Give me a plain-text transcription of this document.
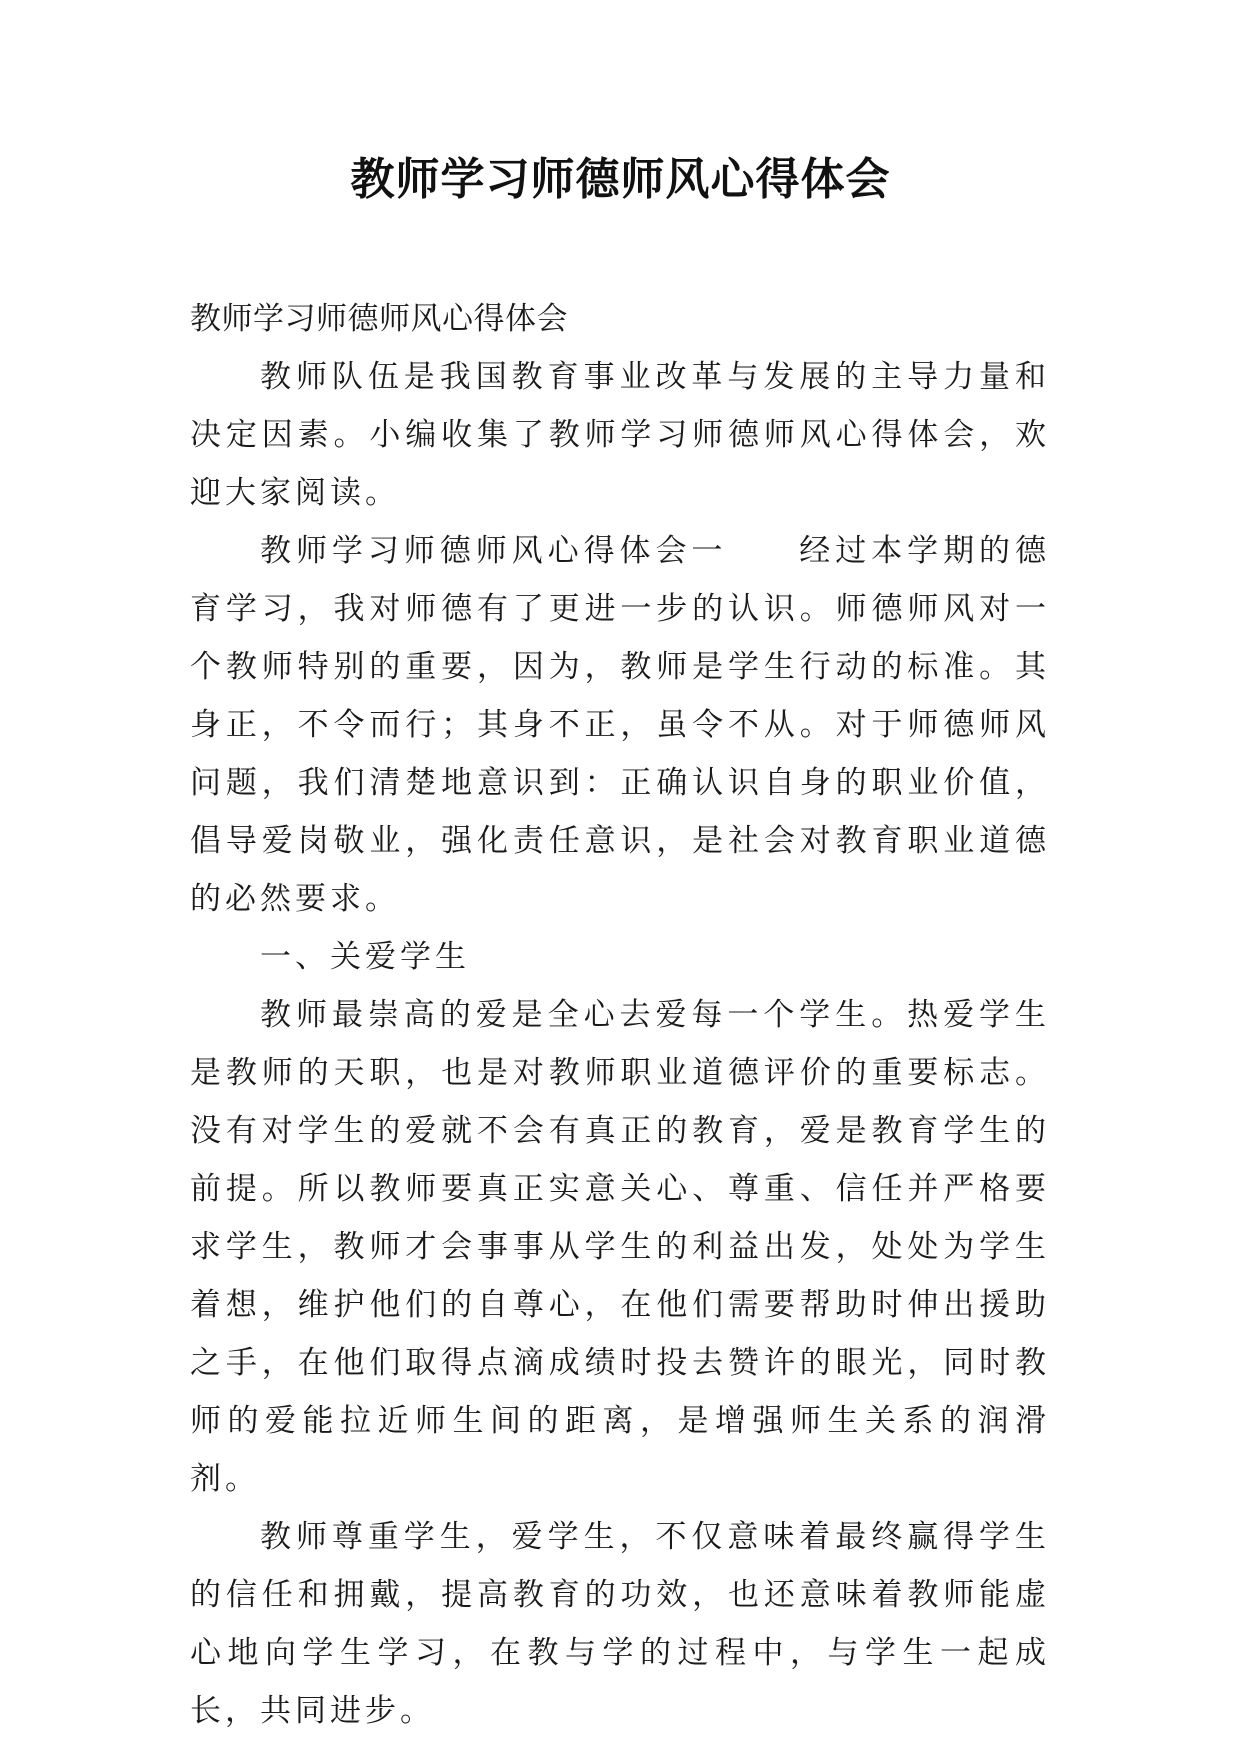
教师学习师德师风心得体会

教师学习师德师风心得体会

教师队伍是我国教育事业改革与发展的主导力量和决定因素。小编收集了教师学习师德师风心得体会，欢迎大家阅读。

教师学习师德师风心得体会一　　经过本学期的德育学习，我对师德有了更进一步的认识。师德师风对一个教师特别的重要，因为，教师是学生行动的标准。其身正，不令而行；其身不正，虽令不从。对于师德师风问题，我们清楚地意识到：正确认识自身的职业价值，倡导爱岗敬业，强化责任意识，是社会对教育职业道德的必然要求。

一、关爱学生

教师最崇高的爱是全心去爱每一个学生。热爱学生是教师的天职，也是对教师职业道德评价的重要标志。没有对学生的爱就不会有真正的教育，爱是教育学生的前提。所以教师要真正实意关心、尊重、信任并严格要求学生，教师才会事事从学生的利益出发，处处为学生着想，维护他们的自尊心，在他们需要帮助时伸出援助之手，在他们取得点滴成绩时投去赞许的眼光，同时教师的爱能拉近师生间的距离，是增强师生关系的润滑剂。

教师尊重学生，爱学生，不仅意味着最终赢得学生的信任和拥戴，提高教育的功效，也还意味着教师能虚心地向学生学习，在教与学的过程中，与学生一起成长，共同进步。
